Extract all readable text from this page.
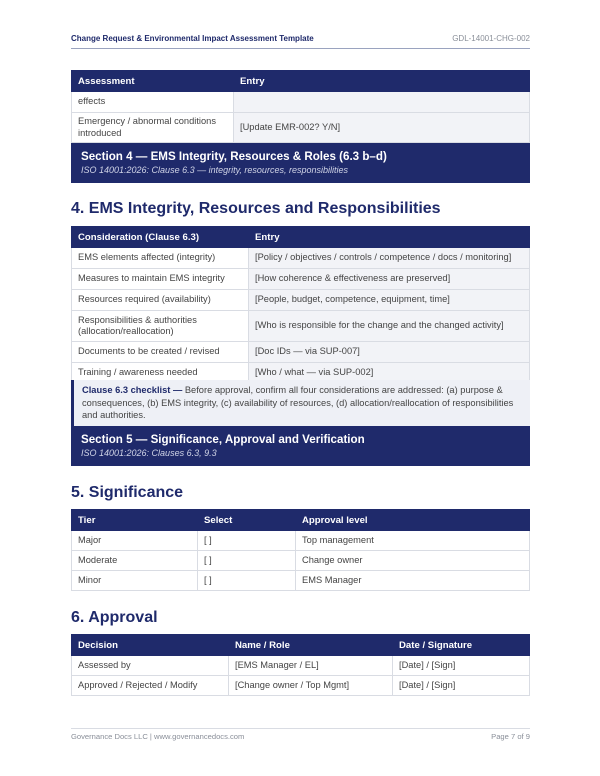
Change Request & Environmental Impact Assessment Template	GDL-14001-CHG-002
Assessment	Entry
effects	
Emergency / abnormal conditions introduced	[Update EMR-002? Y/N]
Section 4 — EMS Integrity, Resources & Roles (6.3 b–d)
ISO 14001:2026: Clause 6.3 — integrity, resources, responsibilities
4. EMS Integrity, Resources and Responsibilities
Consideration (Clause 6.3)	Entry
EMS elements affected (integrity)	[Policy / objectives / controls / competence / docs / monitoring]
Measures to maintain EMS integrity	[How coherence & effectiveness are preserved]
Resources required (availability)	[People, budget, competence, equipment, time]
Responsibilities & authorities (allocation/reallocation)	[Who is responsible for the change and the changed activity]
Documents to be created / revised	[Doc IDs — via SUP-007]
Training / awareness needed	[Who / what — via SUP-002]
Clause 6.3 checklist — Before approval, confirm all four considerations are addressed: (a) purpose & consequences, (b) EMS integrity, (c) availability of resources, (d) allocation/reallocation of responsibilities and authorities.
Section 5 — Significance, Approval and Verification
ISO 14001:2026: Clauses 6.3, 9.3
5. Significance
Tier	Select	Approval level
Major	[ ]	Top management
Moderate	[ ]	Change owner
Minor	[ ]	EMS Manager
6. Approval
Decision	Name / Role	Date / Signature
Assessed by	[EMS Manager / EL]	[Date] / [Sign]
Approved / Rejected / Modify	[Change owner / Top Mgmt]	[Date] / [Sign]
Governance Docs LLC | www.governancedocs.com	Page 7 of 9
